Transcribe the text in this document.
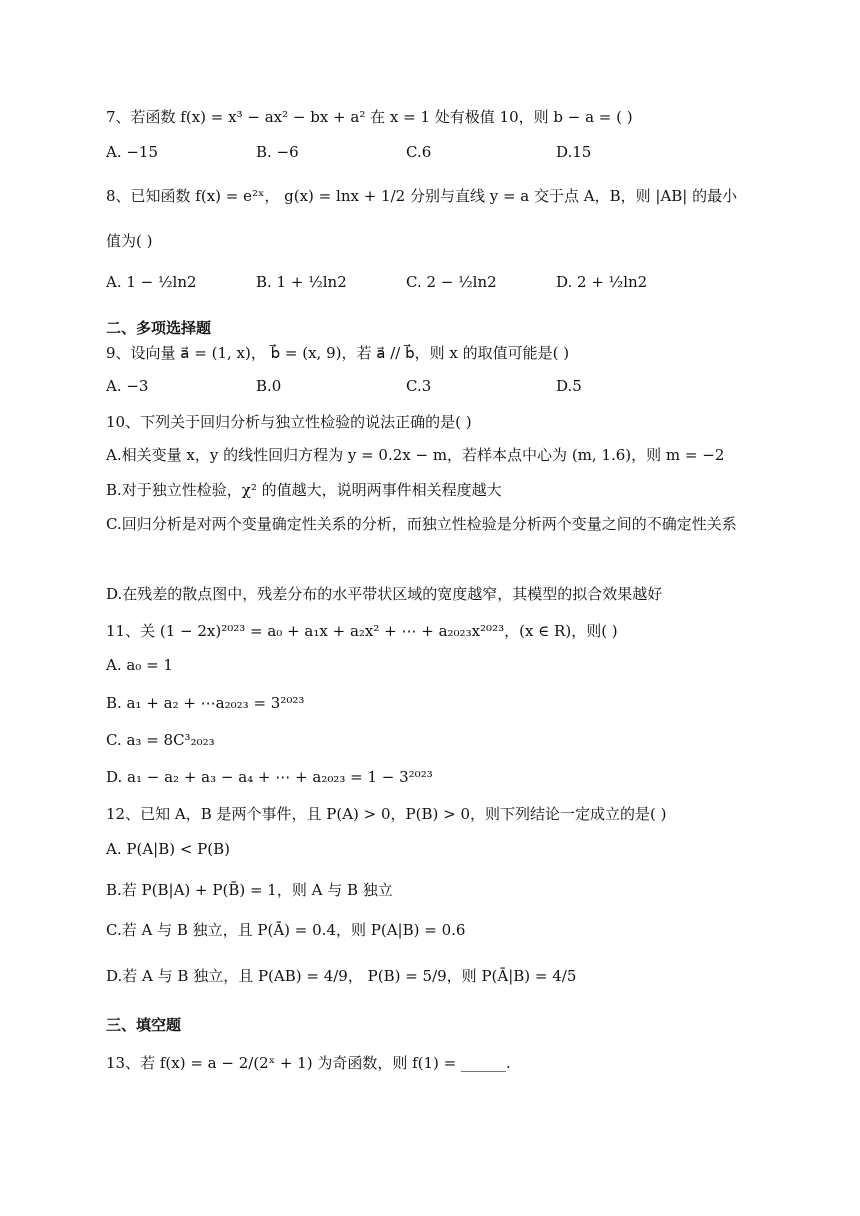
7、若函数 f(x) = x³ − ax² − bx + a² 在 x = 1 处有极值 10，则 b − a = ( )
A. −15	B. −6	C.6	D.15
8、已知函数 f(x) = e²ˣ， g(x) = lnx + 1/2 分别与直线 y = a 交于点 A，B，则 |AB| 的最小
值为( )
A. 1 − ½ln2	B. 1 + ½ln2	C. 2 − ½ln2	D. 2 + ½ln2
二、多项选择题
9、设向量 a⃗ = (1, x)， b⃗ = (x, 9)，若 a⃗ // b⃗，则 x 的取值可能是( )
A. −3	B.0	C.3	D.5
10、下列关于回归分析与独立性检验的说法正确的是( )
A.相关变量 x，y 的线性回归方程为 y = 0.2x − m，若样本点中心为 (m, 1.6)，则 m = −2
B.对于独立性检验，χ² 的值越大，说明两事件相关程度越大
C.回归分析是对两个变量确定性关系的分析，而独立性检验是分析两个变量之间的不确定性关系
D.在残差的散点图中，残差分布的水平带状区域的宽度越窄，其模型的拟合效果越好
11、关 (1 − 2x)²⁰²³ = a₀ + a₁x + a₂x² + ⋯ + a₂₀₂₃x²⁰²³，(x ∈ R)，则( )
A. a₀ = 1
B. a₁ + a₂ + ⋯a₂₀₂₃ = 3²⁰²³
C. a₃ = 8C³₂₀₂₃
D. a₁ − a₂ + a₃ − a₄ + ⋯ + a₂₀₂₃ = 1 − 3²⁰²³
12、已知 A，B 是两个事件，且 P(A) > 0，P(B) > 0，则下列结论一定成立的是( )
A. P(A|B) < P(B)
B.若 P(B|A) + P(B̄) = 1，则 A 与 B 独立
C.若 A 与 B 独立，且 P(Ā) = 0.4，则 P(A|B) = 0.6
D.若 A 与 B 独立，且 P(AB) = 4/9， P(B) = 5/9，则 P(Ā|B) = 4/5
三、填空题
13、若 f(x) = a − 2/(2ˣ + 1) 为奇函数，则 f(1) = ______.
